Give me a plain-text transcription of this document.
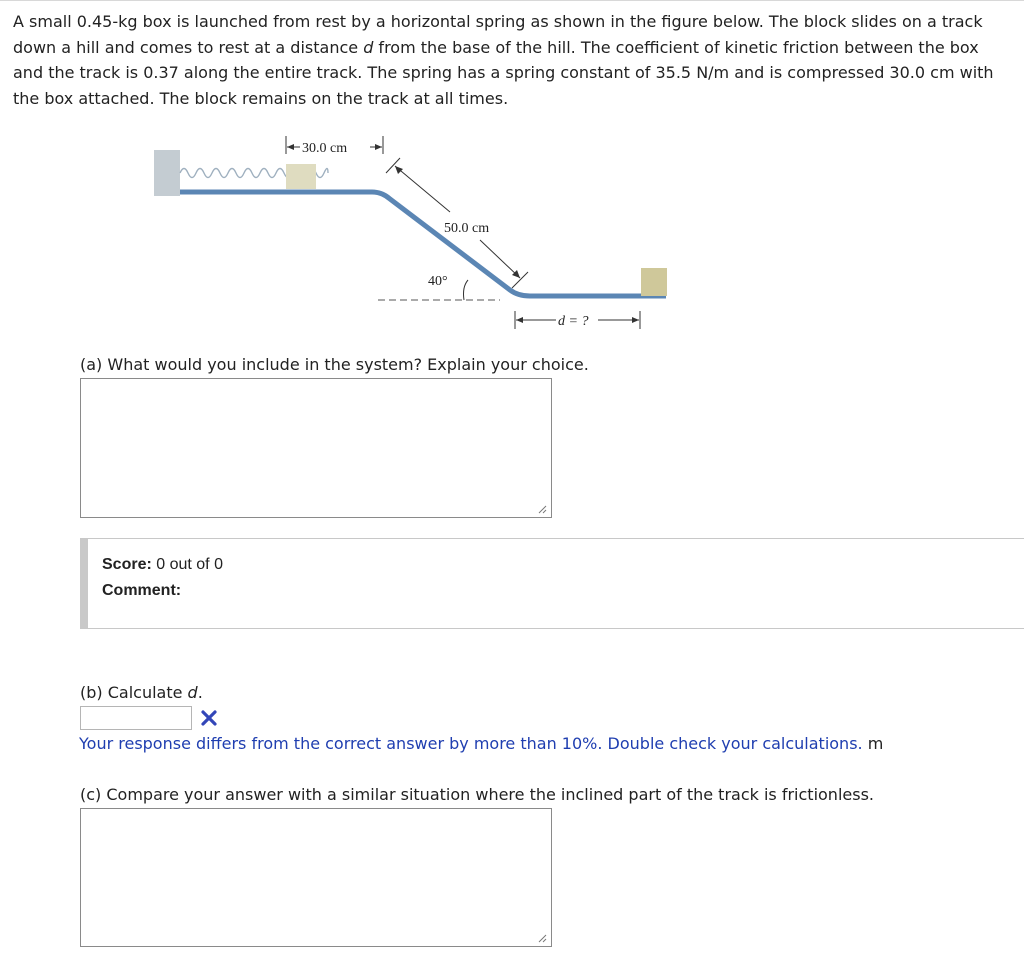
A small 0.45-kg box is launched from rest by a horizontal spring as shown in the figure below. The block slides on a track down a hill and comes to rest at a distance d from the base of the hill. The coefficient of kinetic friction between the box and the track is 0.37 along the entire track. The spring has a spring constant of 35.5 N/m and is compressed 30.0 cm with the box attached. The block remains on the track at all times.
40°
30.0 cm
50.0 cm
d = ?
(a) What would you include in the system? Explain your choice.
Score: 0 out of 0
Comment:
(b) Calculate d.
Your response differs from the correct answer by more than 10%. Double check your calculations. m
(c) Compare your answer with a similar situation where the inclined part of the track is frictionless.
